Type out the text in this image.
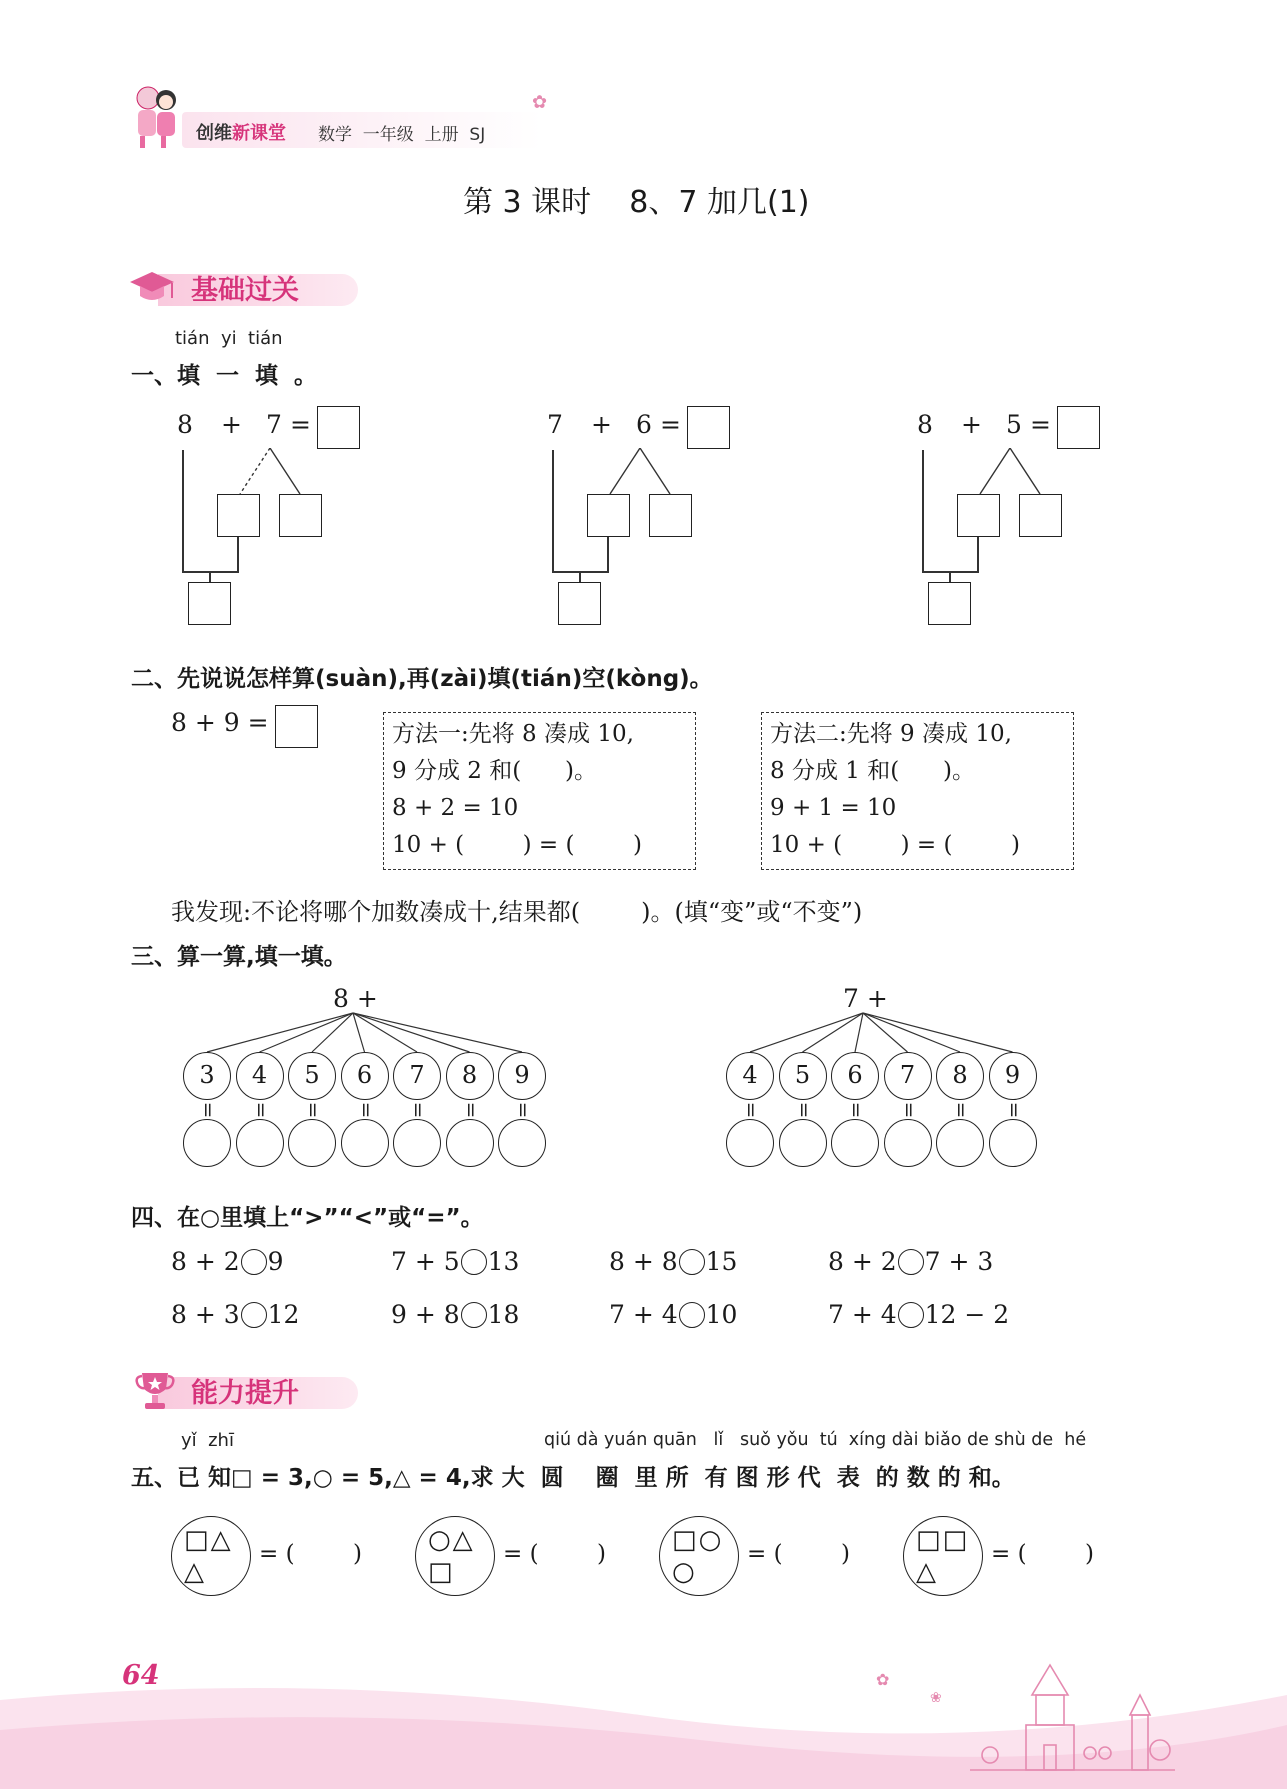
创维新课堂 数学  一年级  上册  SJ
✿
第 3 课时    8、7 加几(1)
基础过关
tián  yi  tián
一、填  一  填  。
8 + 7 =	7 + 6 =	8 + 5 =
二、先说说怎样算(suàn),再(zài)填(tián)空(kòng)。
8 + 9 =	方法一:先将 8 凑成 10,
9 分成 2 和(      )。
8 + 2 = 10
10 + (        ) = (        )
方法二:先将 9 凑成 10,
8 分成 1 和(      )。
9 + 1 = 10
10 + (        ) = (        )
我发现:不论将哪个加数凑成十,结果都(        )。(填“变”或“不变”)
三、算一算,填一填。
8 +
3
=
4
=
5
=
6
=
7
=
8
=
9
=
7 +
4
=
5
=
6
=
7
=
8
=
9
=
四、在○里填上“>”“<”或“=”。
8 + 2 9	7 + 5 13	8 + 8 15	8 + 2 7 + 3
8 + 3 12	9 + 8 18	7 + 4 10	7 + 4 12 − 2
能力提升
yǐ  zhī	qiú dà yuán quān   lǐ   suǒ yǒu  tú  xíng dài biǎo de shù de  hé
五、已 知□ = 3,○ = 5,△ = 4,求 大  圆    圈  里 所  有 图 形 代  表  的 数 的 和。
□△
△
= (        )	○△
□
= (        )	□○
○
= (        )	□□
△
= (        )
64	✿
❀
